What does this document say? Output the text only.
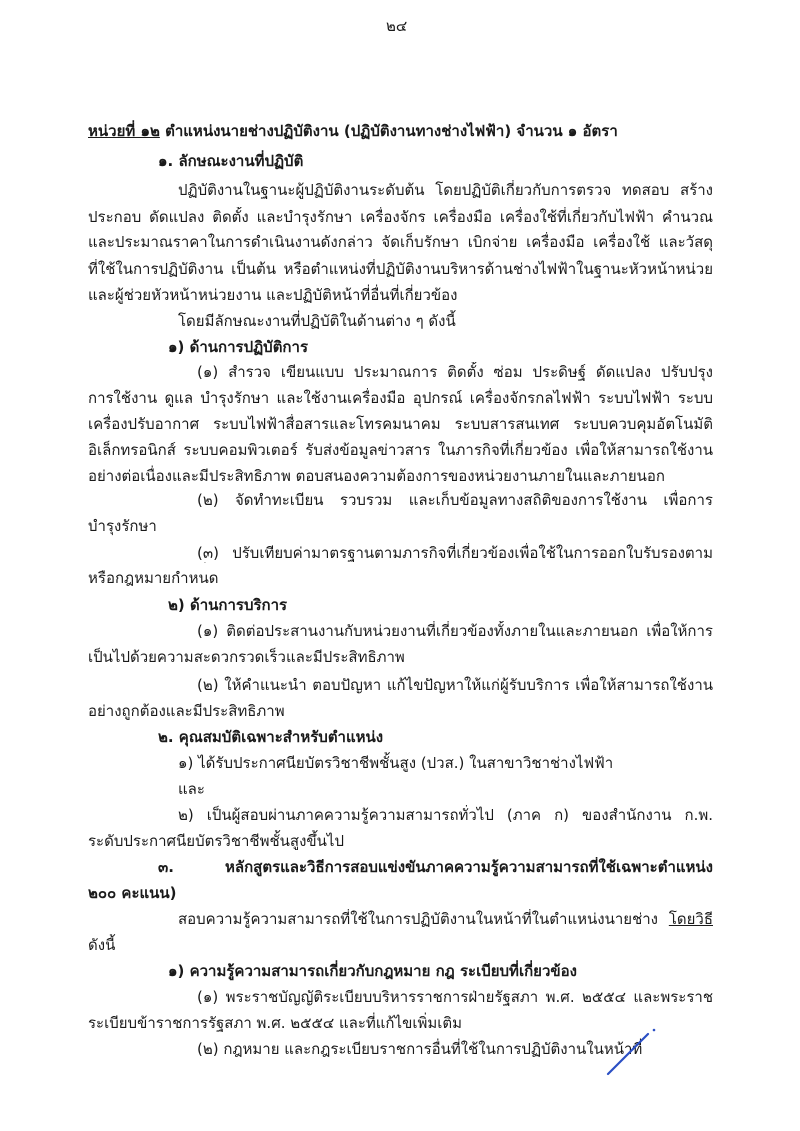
๒๔
หน่วยที่ ๑๒ ตำแหน่งนายช่างปฏิบัติงาน (ปฏิบัติงานทางช่างไฟฟ้า) จำนวน ๑ อัตรา
๑. ลักษณะงานที่ปฏิบัติ
ปฏิบัติงานในฐานะผู้ปฏิบัติงานระดับต้น โดยปฏิบัติเกี่ยวกับการตรวจ ทดสอบ สร้าง
ประกอบ ดัดแปลง ติดตั้ง และบำรุงรักษา เครื่องจักร เครื่องมือ เครื่องใช้ที่เกี่ยวกับไฟฟ้า คำนวณ
และประมาณราคาในการดำเนินงานดังกล่าว จัดเก็บรักษา เบิกจ่าย เครื่องมือ เครื่องใช้ และวัสดุ
ที่ใช้ในการปฏิบัติงาน เป็นต้น หรือตำแหน่งที่ปฏิบัติงานบริหารด้านช่างไฟฟ้าในฐานะหัวหน้าหน่วย
และผู้ช่วยหัวหน้าหน่วยงาน และปฏิบัติหน้าที่อื่นที่เกี่ยวข้อง
โดยมีลักษณะงานที่ปฏิบัติในด้านต่าง ๆ ดังนี้
๑) ด้านการปฏิบัติการ
(๑) สำรวจ เขียนแบบ ประมาณการ ติดตั้ง ซ่อม ประดิษฐ์ ดัดแปลง ปรับปรุง
การใช้งาน ดูแล บำรุงรักษา และใช้งานเครื่องมือ อุปกรณ์ เครื่องจักรกลไฟฟ้า ระบบไฟฟ้า ระบบ
เครื่องปรับอากาศ ระบบไฟฟ้าสื่อสารและโทรคมนาคม ระบบสารสนเทศ ระบบควบคุมอัตโนมัติ
อิเล็กทรอนิกส์ ระบบคอมพิวเตอร์ รับส่งข้อมูลข่าวสาร ในภารกิจที่เกี่ยวข้อง เพื่อให้สามารถใช้งาน
อย่างต่อเนื่องและมีประสิทธิภาพ ตอบสนองความต้องการของหน่วยงานภายในและภายนอก
(๒) จัดทำทะเบียน รวบรวม และเก็บข้อมูลทางสถิติของการใช้งาน เพื่อการ
บำรุงรักษา
(๓) ปรับเทียบค่ามาตรฐานตามภารกิจที่เกี่ยวข้องเพื่อใช้ในการออกใบรับรองตาม
หรือกฎหมายกำหนด
๒) ด้านการบริการ
(๑) ติดต่อประสานงานกับหน่วยงานที่เกี่ยวข้องทั้งภายในและภายนอก เพื่อให้การ
เป็นไปด้วยความสะดวกรวดเร็วและมีประสิทธิภาพ
(๒) ให้คำแนะนำ ตอบปัญหา แก้ไขปัญหาให้แก่ผู้รับบริการ เพื่อให้สามารถใช้งาน
อย่างถูกต้องและมีประสิทธิภาพ
๒. คุณสมบัติเฉพาะสำหรับตำแหน่ง
๑) ได้รับประกาศนียบัตรวิชาชีพชั้นสูง (ปวส.) ในสาขาวิชาช่างไฟฟ้า
และ
๒) เป็นผู้สอบผ่านภาคความรู้ความสามารถทั่วไป (ภาค ก) ของสำนักงาน ก.พ.
ระดับประกาศนียบัตรวิชาชีพชั้นสูงขึ้นไป
๓. หลักสูตรและวิธีการสอบแข่งขันภาคความรู้ความสามารถที่ใช้เฉพาะตำแหน่ง
๒๐๐ คะแนน)
สอบความรู้ความสามารถที่ใช้ในการปฏิบัติงานในหน้าที่ในตำแหน่งนายช่าง โดยวิธี
ดังนี้
๑) ความรู้ความสามารถเกี่ยวกับกฎหมาย กฎ ระเบียบที่เกี่ยวข้อง
(๑) พระราชบัญญัติระเบียบบริหารราชการฝ่ายรัฐสภา พ.ศ. ๒๕๕๔ และพระราช
ระเบียบข้าราชการรัฐสภา พ.ศ. ๒๕๕๔ และที่แก้ไขเพิ่มเติม
(๒) กฎหมาย และกฎระเบียบราชการอื่นที่ใช้ในการปฏิบัติงานในหน้าที่
